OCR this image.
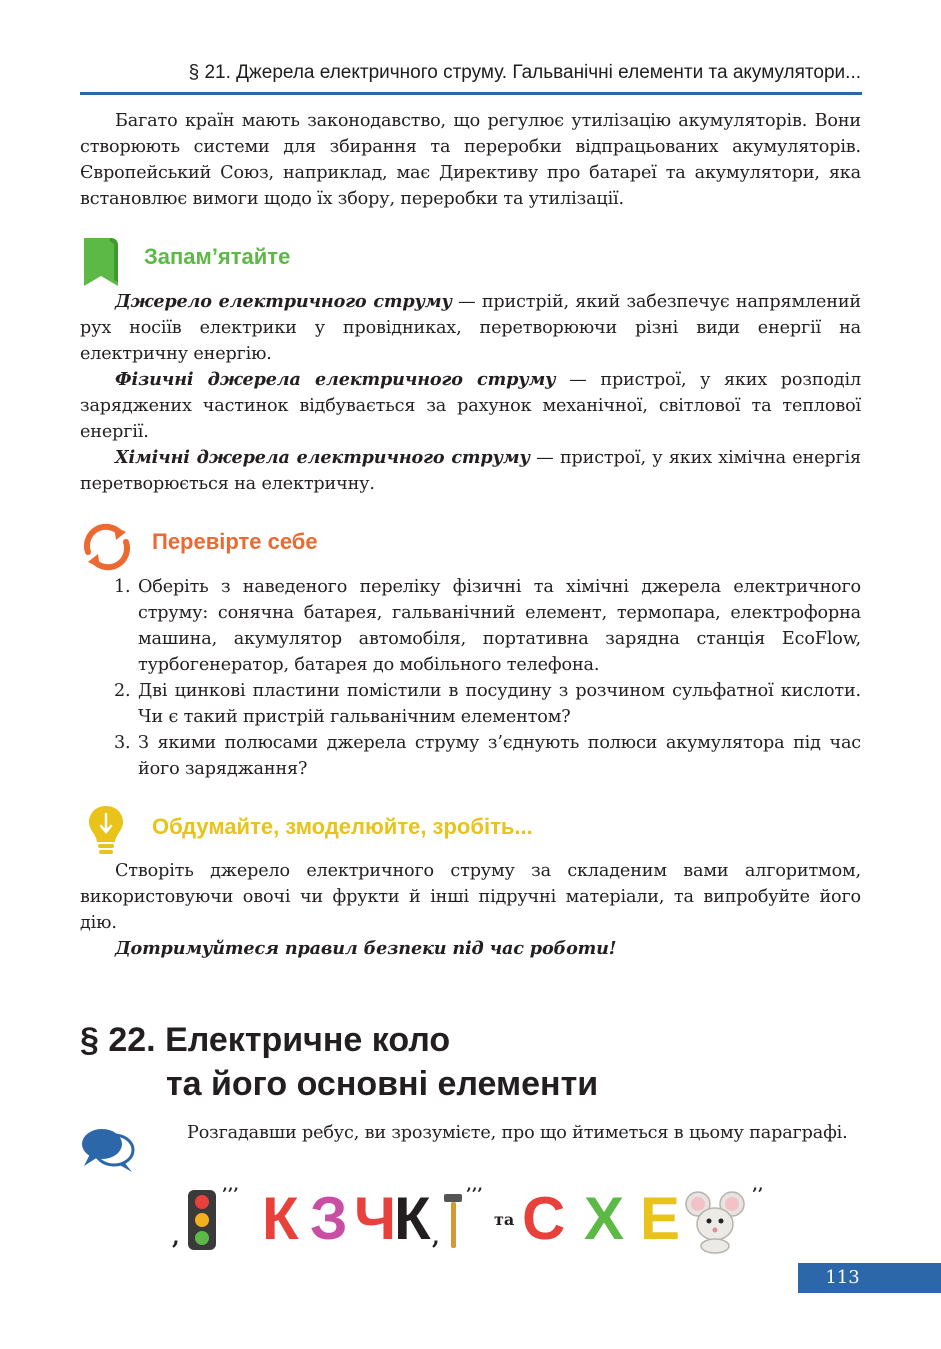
§ 21. Джерела електричного струму. Гальванічні елементи та акумулятори...
Багато країн мають законодавство, що регулює утилізацію акумуляторів. Вони створюють системи для збирання та переробки відпрацьованих акумуляторів. Європейський Союз, наприклад, має Директиву про батареї та акумулятори, яка встановлює вимоги щодо їх збору, переробки та утилізації.
Запам’ятайте
Джерело електричного струму — пристрій, який забезпечує напрямлений рух носіїв електрики у провідниках, перетворюючи різні види енергії на електричну енергію.
Фізичні джерела електричного струму — пристрої, у яких розподіл заряджених частинок відбувається за рахунок механічної, світлової та теплової енергії.
Хімічні джерела електричного струму — пристрої, у яких хімічна енергія перетворюється на електричну.
Перевірте себе
1. Оберіть з наведеного переліку фізичні та хімічні джерела електричного струму: сонячна батарея, гальванічний елемент, термопара, електрофорна машина, акумулятор автомобіля, портативна зарядна станція EcoFlow, турбогенератор, батарея до мобільного телефона.
2. Дві цинкові пластини помістили в посудину з розчином сульфатної кислоти. Чи є такий пристрій гальванічним елементом?
3. З якими полюсами джерела струму з’єднують полюси акумулятора під час його заряджання?
Обдумайте, змоделюйте, зробіть...
Створіть джерело електричного струму за складеним вами алгоритмом, використовуючи овочі чи фрукти й інші підручні матеріали, та випробуйте його дію.
Дотримуйтеся правил безпеки під час роботи!
§ 22. Електричне коло
та його основні елементи
Розгадавши ребус, ви зрозумієте, про що йтиметься в цьому параграфі.
,
’’’ К З Ч
К ,
’’’
та С Х Е	’’
113
